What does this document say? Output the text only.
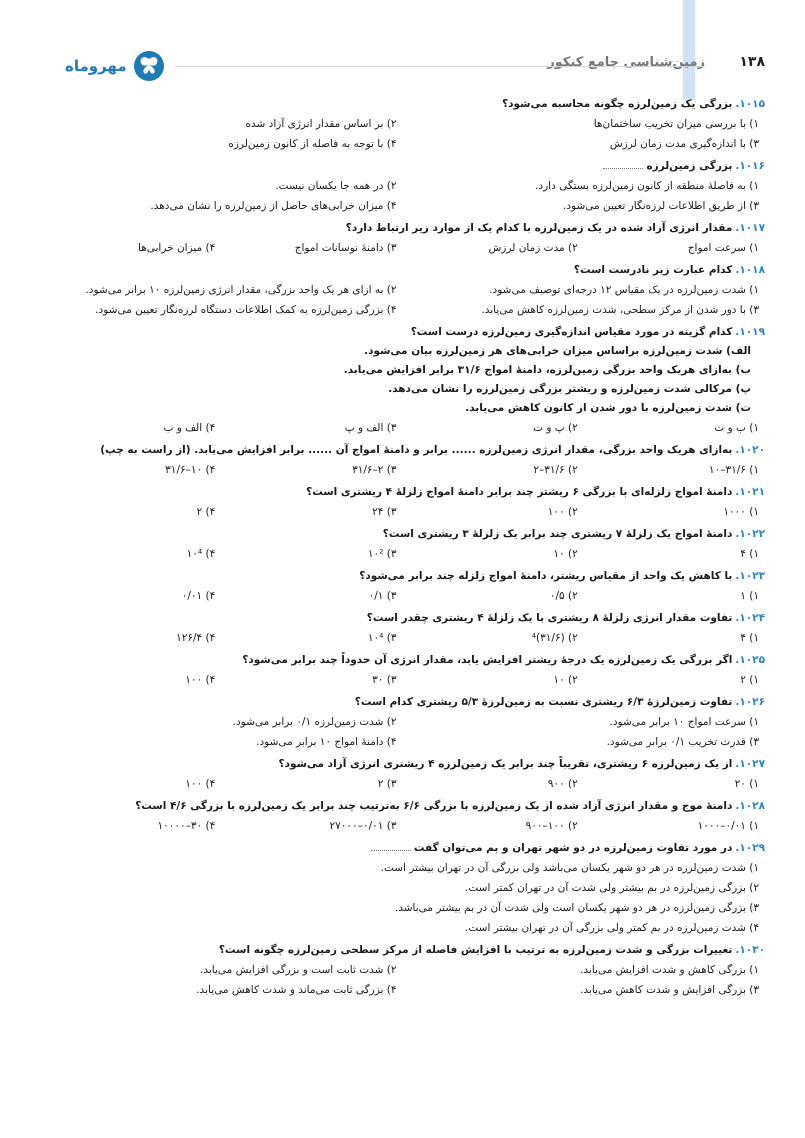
۱۳۸
زمین‌شناسی جامع کنکور
مهروماه
۱۰۱۵.بزرگی یک زمین‌لرزه چگونه محاسبه می‌شود؟
۱) با بررسی میزان تخریب ساختمان‌ها
۲) بر اساس مقدار انرژی آزاد شده
۳) با اندازه‌گیری مدت زمان لرزش
۴) با توجه به فاصله از کانون زمین‌لرزه
۱۰۱۶.بزرگی زمین‌لرزه
۱) به فاصلهٔ منطقه از کانون زمین‌لرزه بستگی دارد.
۲) در همه جا یکسان نیست.
۳) از طریق اطلاعات لرزه‌نگار تعیین می‌شود.
۴) میزان خرابی‌های حاصل از زمین‌لرزه را نشان می‌دهد.
۱۰۱۷.مقدار انرژی آزاد شده در یک زمین‌لرزه با کدام یک از موارد زیر ارتباط دارد؟
۱) سرعت امواج
۲) مدت زمان لرزش
۳) دامنهٔ نوسانات امواج
۴) میزان خرابی‌ها
۱۰۱۸.کدام عبارت زیر نادرست است؟
۱) شدت زمین‌لرزه در یک مقیاس ۱۲ درجه‌ای توصیف می‌شود.
۲) به ازای هر یک واحد بزرگی، مقدار انرژی زمین‌لرزه ۱۰ برابر می‌شود.
۳) با دور شدن از مرکز سطحی، شدت زمین‌لرزه کاهش می‌یابد.
۴) بزرگی زمین‌لرزه به کمک اطلاعات دستگاه لرزه‌نگار تعیین می‌شود.
۱۰۱۹.کدام گزینه در مورد مقیاس اندازه‌گیری زمین‌لرزه درست است؟
الف) شدت زمین‌لرزه براساس میزان خرابی‌های هر زمین‌لرزه بیان می‌شود.
ب) به‌ازای هریک واحد بزرگی زمین‌لرزه، دامنهٔ امواج ۳۱/۶ برابر افزایش می‌یابد.
پ) مرکالی شدت زمین‌لرزه و ریشتر بزرگی زمین‌لرزه را نشان می‌دهد.
ت) شدت زمین‌لرزه با دور شدن از کانون کاهش می‌یابد.
۱) ب و ت
۲) پ و ت
۳) الف و پ
۴) الف و ب
۱۰۲۰.به‌ازای هریک واحد بزرگی، مقدار انرژی زمین‌لرزه ...... برابر و دامنهٔ امواج آن ...... برابر افزایش می‌یابد. (از راست به چپ)
۱) ۳۱/۶–۱۰
۲) ۳۱/۶–۲
۳) ۲–۳۱/۶
۴) ۱۰–۳۱/۶
۱۰۲۱.دامنهٔ امواج زلزله‌ای با بزرگی ۶ ریشتر چند برابر دامنهٔ امواج زلزلهٔ ۴ ریشتری است؟
۱) ۱۰۰۰
۲) ۱۰۰
۳) ۲۴
۴) ۲
۱۰۲۲.دامنهٔ امواج یک زلزلهٔ ۷ ریشتری چند برابر یک زلزلهٔ ۳ ریشتری است؟
۱) ۴
۲) ۱۰
۳) ۱۰²
۴) ۱۰⁴
۱۰۲۳.با کاهش یک واحد از مقیاس ریشتر، دامنهٔ امواج زلزله چند برابر می‌شود؟
۱) ۱
۲) ۰/۵
۳) ۰/۱
۴) ۰/۰۱
۱۰۲۴.تفاوت مقدار انرژی زلزلهٔ ۸ ریشتری با یک زلزلهٔ ۴ ریشتری چقدر است؟
۱) ۴
۲) (۳۱/۶)⁴
۳) ۱۰⁴
۴) ۱۲۶/۴
۱۰۲۵.اگر بزرگی یک زمین‌لرزه یک درجهٔ ریشتر افزایش یابد، مقدار انرژی آن حدوداً چند برابر می‌شود؟
۱) ۲
۲) ۱۰
۳) ۳۰
۴) ۱۰۰
۱۰۲۶.تفاوت زمین‌لرزهٔ ۶/۳ ریشتری نسبت به زمین‌لرزهٔ ۵/۳ ریشتری کدام است؟
۱) سرعت امواج ۱۰ برابر می‌شود.
۲) شدت زمین‌لرزه ۰/۱ برابر می‌شود.
۳) قدرت تخریب ۰/۱ برابر می‌شود.
۴) دامنهٔ امواج ۱۰ برابر می‌شود.
۱۰۲۷.از یک زمین‌لرزه ۶ ریشتری، تقریباً چند برابر یک زمین‌لرزه ۴ ریشتری انرژی آزاد می‌شود؟
۱) ۲۰
۲) ۹۰۰
۳) ۲
۴) ۱۰۰
۱۰۲۸.دامنهٔ موج و مقدار انرژی آزاد شده از یک زمین‌لرزه با بزرگی ۶/۶ به‌ترتیب چند برابر یک زمین‌لرزه با بزرگی ۴/۶ است؟
۱) ۰/۰۱–۱۰۰۰
۲) ۱۰۰–۹۰۰
۳) ۰/۰۱–۲۷۰۰۰
۴) ۳۰–۱۰۰۰۰
۱۰۲۹.در مورد تفاوت زمین‌لرزه در دو شهر تهران و بم می‌توان گفت
۱) شدت زمین‌لرزه در هر دو شهر یکسان می‌باشد ولی بزرگی آن در تهران بیشتر است.
۲) بزرگی زمین‌لرزه در بم بیشتر ولی شدت آن در تهران کمتر است.
۳) بزرگی زمین‌لرزه در هر دو شهر یکسان است ولی شدت آن در بم بیشتر می‌باشد.
۴) شدت زمین‌لرزه در بم کمتر ولی بزرگی آن در تهران بیشتر است.
۱۰۳۰.تغییرات بزرگی و شدت زمین‌لرزه به ترتیب با افزایش فاصله از مرکز سطحی زمین‌لرزه چگونه است؟
۱) بزرگی کاهش و شدت افزایش می‌یابد.
۲) شدت ثابت است و بزرگی افزایش می‌یابد.
۳) بزرگی افزایش و شدت کاهش می‌یابد.
۴) بزرگی ثابت می‌ماند و شدت کاهش می‌یابد.
